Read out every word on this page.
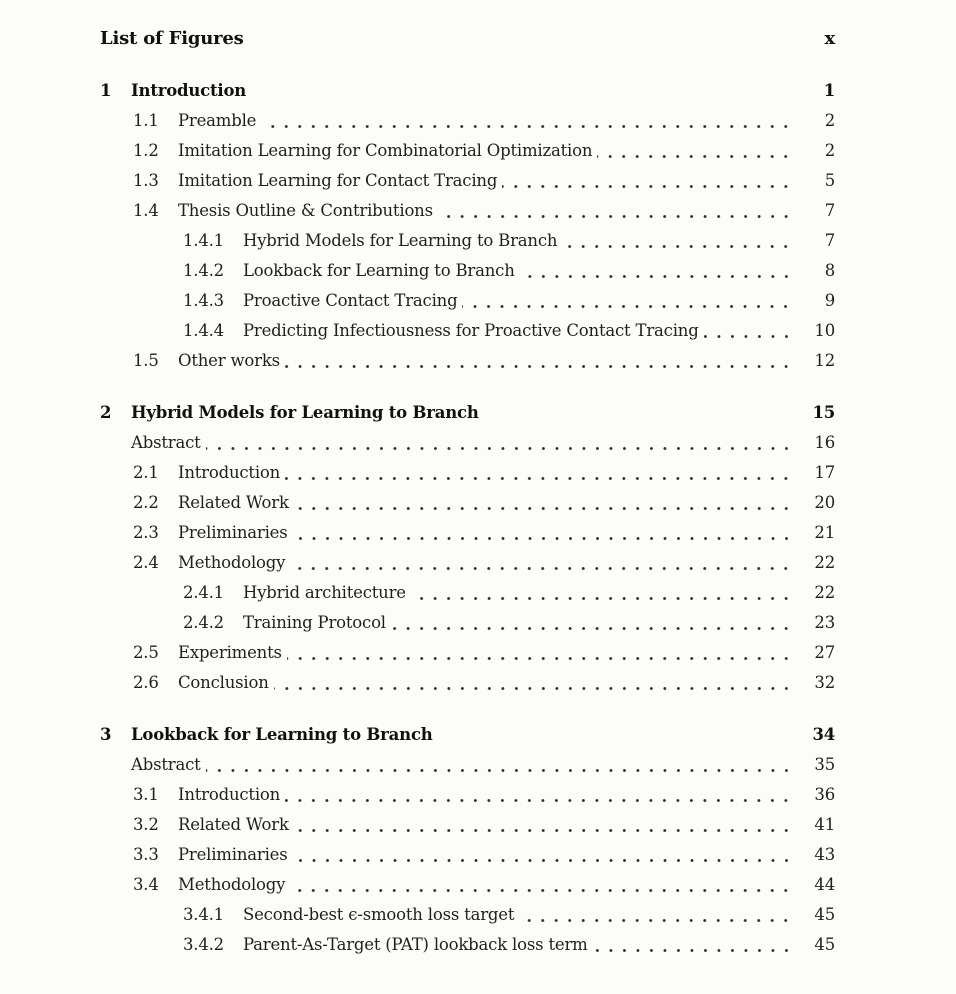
List of Figures	x
1	Introduction	1
1.1	Preamble	2
1.2	Imitation Learning for Combinatorial Optimization	2
1.3	Imitation Learning for Contact Tracing	5
1.4	Thesis Outline & Contributions	7
1.4.1	Hybrid Models for Learning to Branch	7
1.4.2	Lookback for Learning to Branch	8
1.4.3	Proactive Contact Tracing	9
1.4.4	Predicting Infectiousness for Proactive Contact Tracing	10
1.5	Other works	12
2	Hybrid Models for Learning to Branch	15
Abstract	16
2.1	Introduction	17
2.2	Related Work	20
2.3	Preliminaries	21
2.4	Methodology	22
2.4.1	Hybrid architecture	22
2.4.2	Training Protocol	23
2.5	Experiments	27
2.6	Conclusion	32
3	Lookback for Learning to Branch	34
Abstract	35
3.1	Introduction	36
3.2	Related Work	41
3.3	Preliminaries	43
3.4	Methodology	44
3.4.1	Second-best ϵ-smooth loss target	45
3.4.2	Parent-As-Target (PAT) lookback loss term	45
